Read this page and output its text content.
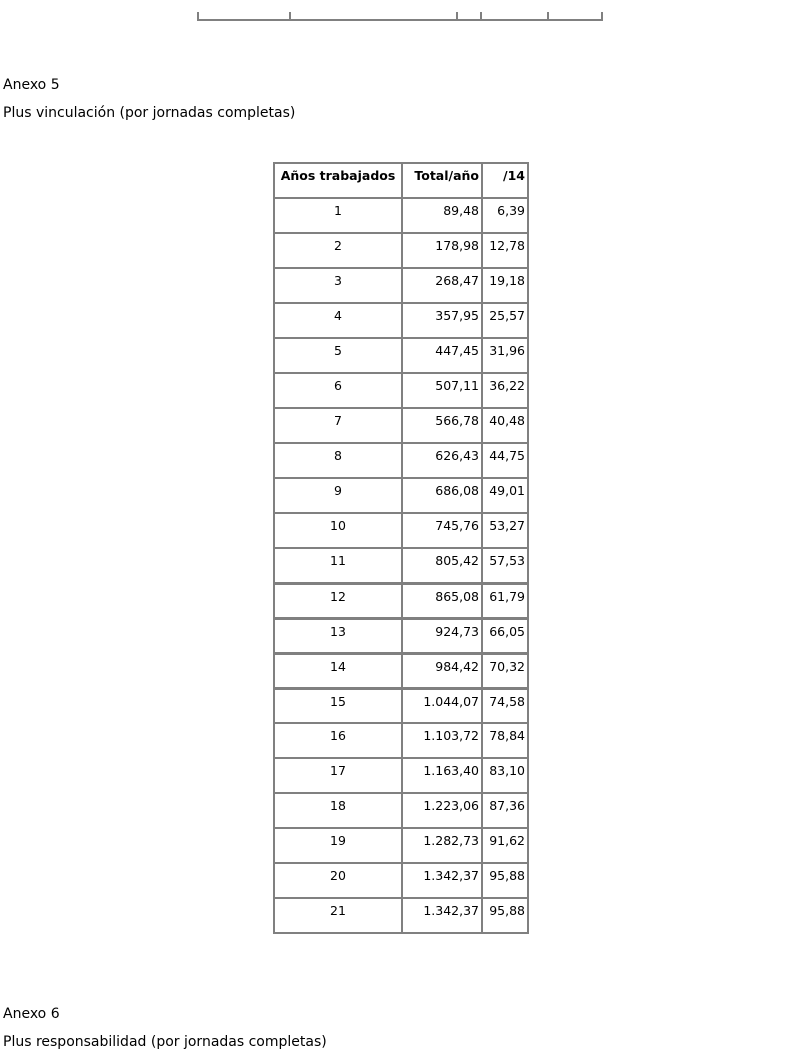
Anexo 5

Plus vinculación (por jornadas completas)

Años trabajados	Total/año	/14
1	89,48	6,39
2	178,98	12,78
3	268,47	19,18
4	357,95	25,57
5	447,45	31,96
6	507,11	36,22
7	566,78	40,48
8	626,43	44,75
9	686,08	49,01
10	745,76	53,27
11	805,42	57,53
12	865,08	61,79
13	924,73	66,05
14	984,42	70,32
15	1.044,07	74,58
16	1.103,72	78,84
17	1.163,40	83,10
18	1.223,06	87,36
19	1.282,73	91,62
20	1.342,37	95,88
21	1.342,37	95,88

Anexo 6

Plus responsabilidad (por jornadas completas)
